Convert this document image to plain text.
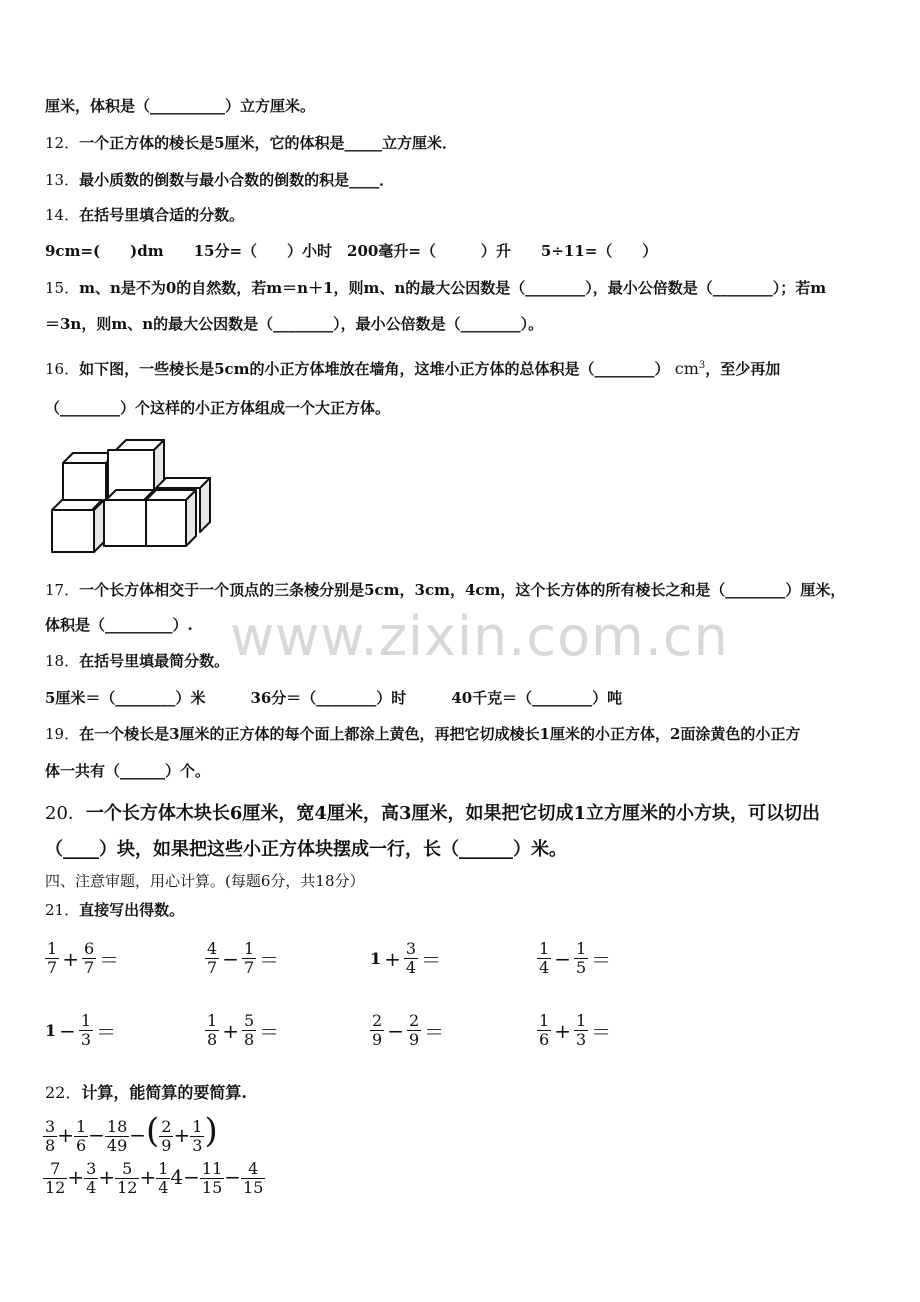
www.zixin.com.cn
厘米，体积是（__________）立方厘米。
12．一个正方体的棱长是5厘米，它的体积是_____立方厘米．
13．最小质数的倒数与最小合数的倒数的积是____．
14．在括号里填合适的分数。
9cm=(　　)dm　　15分=（　　）小时　200毫升=（　　　）升　　5÷11=（　　）
15．m、n是不为0的自然数，若m＝n＋1，则m、n的最大公因数是（________），最小公倍数是（________）；若m
＝3n，则m、n的最大公因数是（________），最小公倍数是（________）。
16．如下图，一些棱长是5cm的小正方体堆放在墙角，这堆小正方体的总体积是（________） $cm^3$，至少再加
（________）个这样的小正方体组成一个大正方体。
17．一个长方体相交于一个顶点的三条棱分别是5cm，3cm，4cm，这个长方体的所有棱长之和是（________）厘米，
体积是（_________）.
18．在括号里填最简分数。
5厘米＝（________）米　　　36分＝（________）时　　　40千克＝（________）吨
19．在一个棱长是3厘米的正方体的每个面上都涂上黄色，再把它切成棱长1厘米的小正方体，2面涂黄色的小正方
体一共有（______）个。
20．一个长方体木块长6厘米，宽4厘米，高3厘米，如果把它切成1立方厘米的小方块，可以切出
（____）块，如果把这些小正方体块摆成一行，长（______）米。
四、注意审题，用心计算。(每题6分，共18分）
21．直接写出得数。
$\frac{1}{7} + \frac{6}{7}$ ＝	$\frac{4}{7} - \frac{1}{7}$ ＝	$1 + \frac{3}{4}$ ＝	$\frac{1}{4} - \frac{1}{5}$ ＝
$1 - \frac{1}{3}$ ＝	$\frac{1}{8} + \frac{5}{8}$ ＝	$\frac{2}{9} - \frac{2}{9}$ ＝	$\frac{1}{6} + \frac{1}{3}$ ＝
22．计算，能简算的要简算.
$\frac{3}{8} + \frac{1}{6} - \frac{18}{49}$ −( $\frac{2}{9} + \frac{1}{3}$ )
$\frac{7}{12} + \frac{3}{4} + \frac{5}{12} + \frac{1}{4} 4- \frac{11}{15} - \frac{4}{15}$
